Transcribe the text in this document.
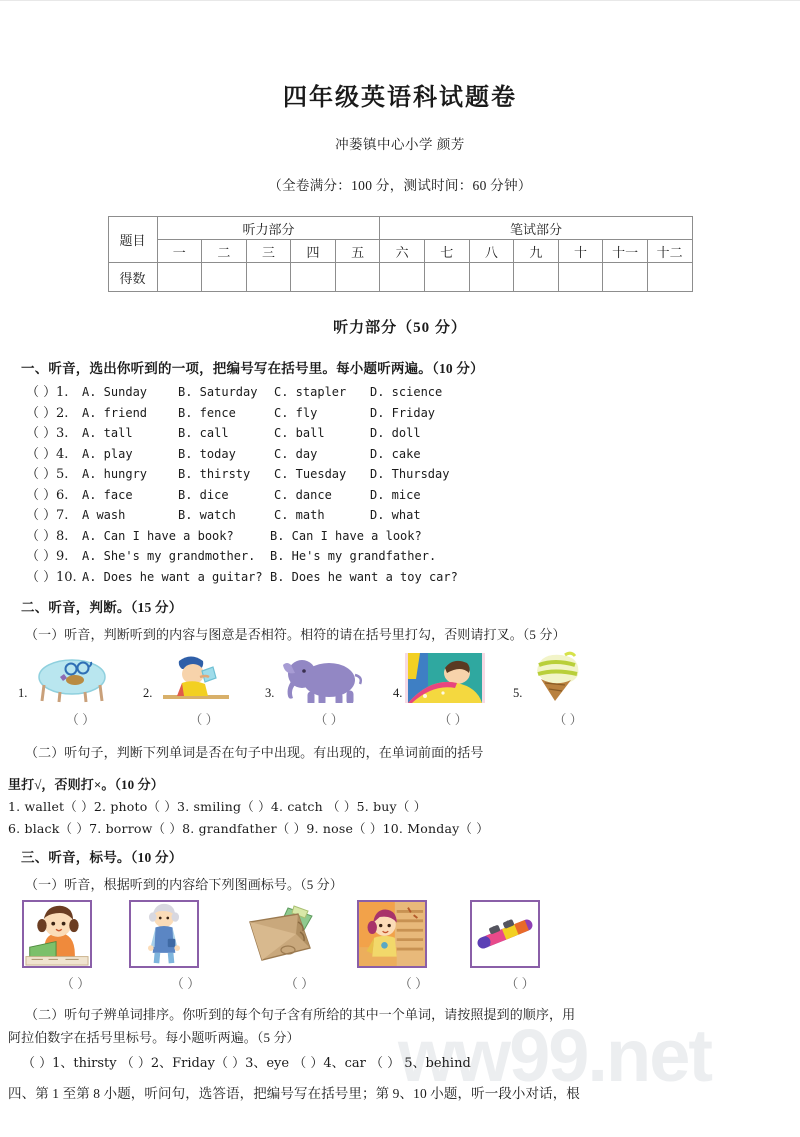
ww99.net
四年级英语科试题卷
冲蒌镇中心小学 颜芳
（全卷满分：100 分，测试时间：60 分钟）
题目	听力部分					笔试部分						
	一	二	三	四	五	六	七	八	九	十	十一	十二
得数												
听力部分（50 分）
一、听音，选出你听到的一项，把编号写在括号里。每小题听两遍。（10 分）
（ ）1. A. Sunday	B. Saturday C. stapler D. science
（ ）2. A. friend	B. fence	C. fly	D. Friday
（ ）3. A. tall	B. call	C. ball	D. doll
（ ）4. A. play	B. today	C. day	D. cake
（ ）5. A. hungry	B. thirsty C. Tuesday D. Thursday
（ ）6. A. face	B. dice	C. dance	D. mice
（ ）7. A wash	B. watch	C. math	D. what
（ ）8. A. Can I have a book?	B. Can I have a look?
（ ）9. A. She's my grandmother. B. He's my grandfather.
（ ）10. A. Does he want a guitar? B. Does he want a toy car?
二、听音，判断。（15 分）
（一）听音，判断听到的内容与图意是否相符。相符的请在括号里打勾，否则请打叉。（5 分）
1.	2.	3.	4.	5.
（ ）	（ ）	（ ）	（ ）	（ ）
（二）听句子，判断下列单词是否在句子中出现。有出现的，在单词前面的括号
里打√，否则打×。（10 分）
1. wallet（ ）2. photo（ ）3. smiling（ ）4. catch （ ）5. buy（ ）
6. black（ ）7. borrow（ ）8. grandfather（ ）9. nose（ ）10. Monday（ ）
三、听音，标号。（10 分）
（一）听音，根据听到的内容给下列图画标号。（5 分）
（ ）	（ ）	（ ）	（ ）	（ ）
（二）听句子辨单词排序。你听到的每个句子含有所给的其中一个单词，请按照提到的顺序，用
阿拉伯数字在括号里标号。每小题听两遍。（5 分）
（ ）1、thirsty （ ）2、Friday（ ）3、eye （ ）4、car （ ） 5、behind
四、第 1 至第 8 小题，听问句，选答语，把编号写在括号里；第 9、10 小题，听一段小对话，根
